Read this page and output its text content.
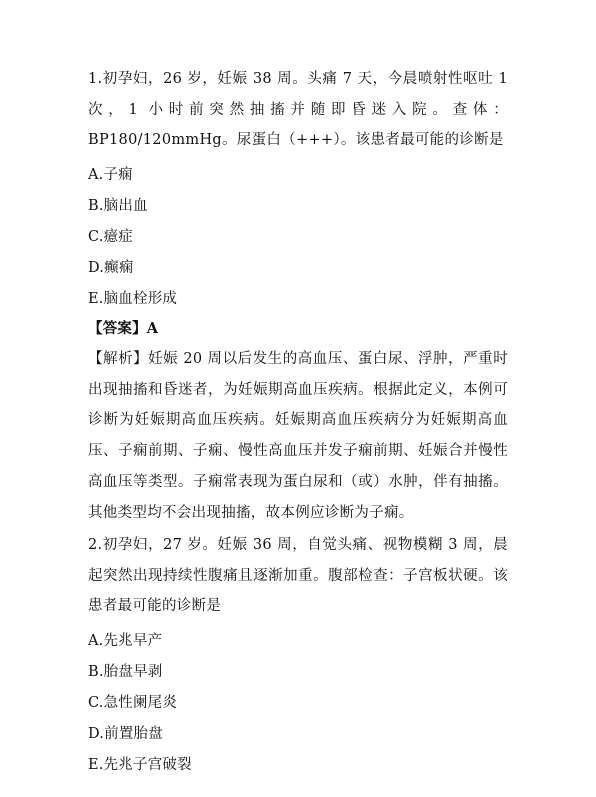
1.初孕妇，26 岁，妊娠 38 周。头痛 7 天，今晨喷射性呕吐 1 次，1 小时前突然抽搐并随即昏迷入院。查体：BP180/120mmHg。尿蛋白（+++）。该患者最可能的诊断是
A.子痫
B.脑出血
C.癔症
D.癫痫
E.脑血栓形成
【答案】A
【解析】妊娠 20 周以后发生的高血压、蛋白尿、浮肿，严重时出现抽搐和昏迷者，为妊娠期高血压疾病。根据此定义，本例可诊断为妊娠期高血压疾病。妊娠期高血压疾病分为妊娠期高血压、子痫前期、子痫、慢性高血压并发子痫前期、妊娠合并慢性高血压等类型。子痫常表现为蛋白尿和（或）水肿，伴有抽搐。其他类型均不会出现抽搐，故本例应诊断为子痫。
2.初孕妇，27 岁。妊娠 36 周，自觉头痛、视物模糊 3 周，晨起突然出现持续性腹痛且逐渐加重。腹部检查：子宫板状硬。该患者最可能的诊断是
A.先兆早产
B.胎盘早剥
C.急性阑尾炎
D.前置胎盘
E.先兆子宫破裂
